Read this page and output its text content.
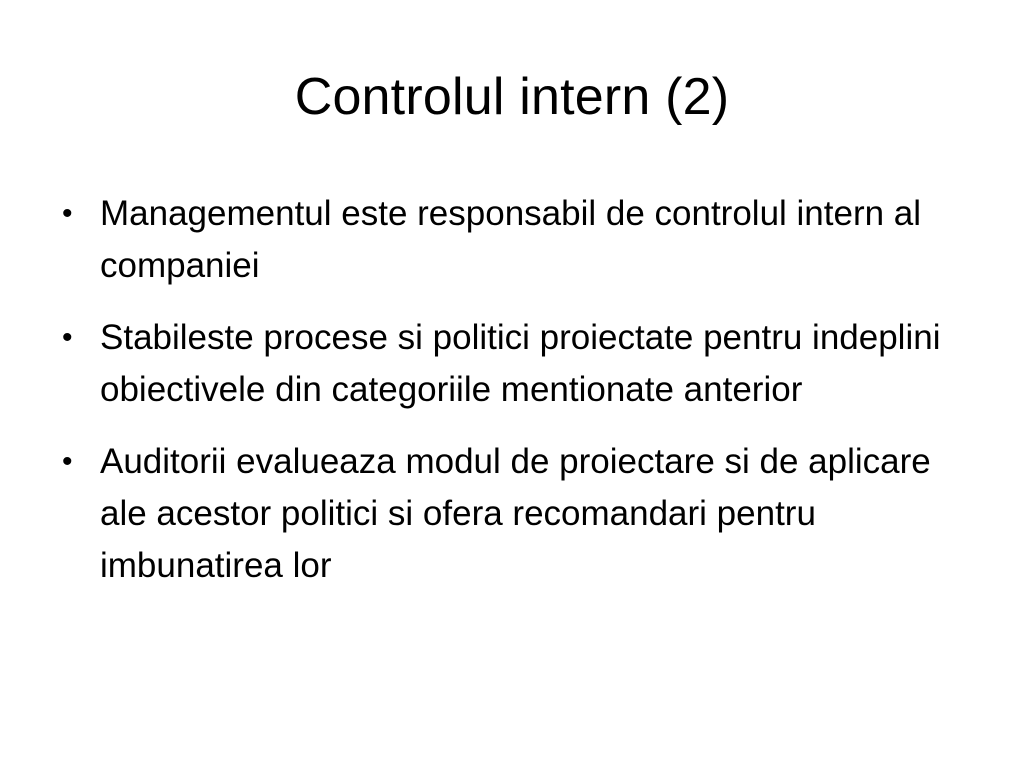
Controlul intern (2)
• Managementul este responsabil de controlul intern al companiei
• Stabileste procese si politici proiectate pentru indeplini obiectivele din categoriile mentionate anterior
• Auditorii evalueaza modul de proiectare si de aplicare ale acestor politici si ofera recomandari pentru imbunatirea lor
